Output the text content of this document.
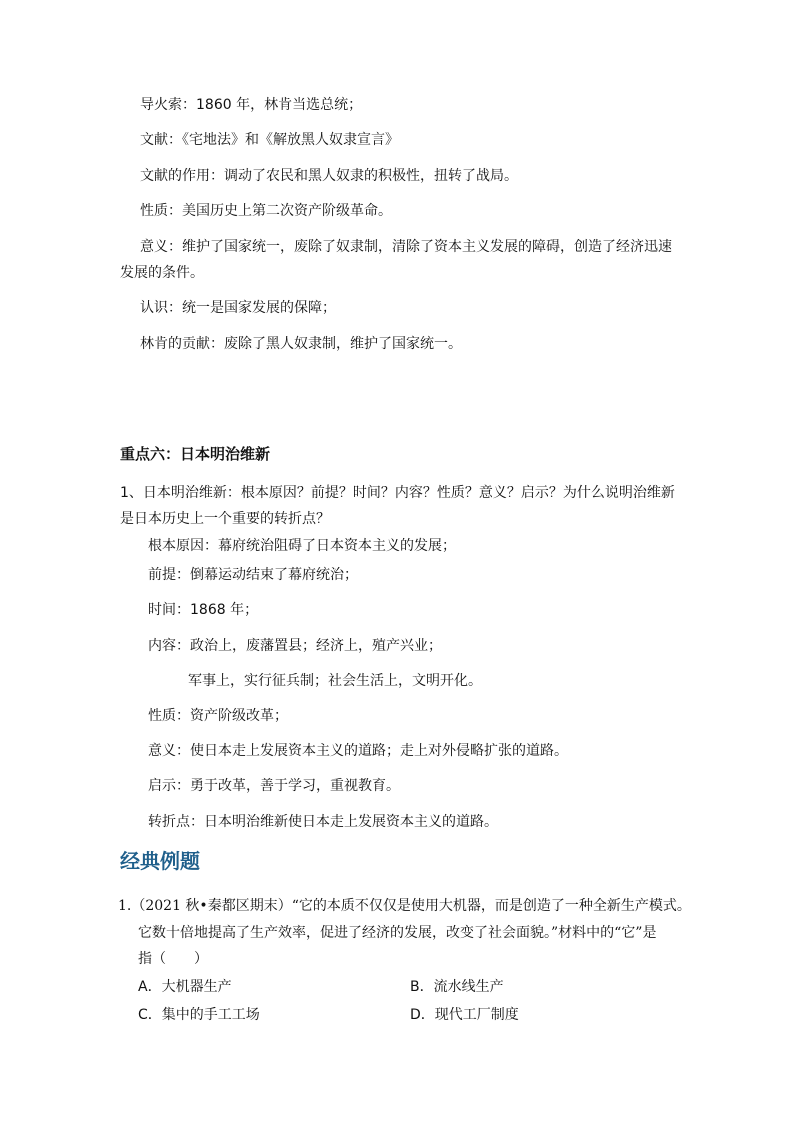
导火索：1860 年，林肯当选总统；
文献：《宅地法》和《解放黑人奴隶宣言》
文献的作用：调动了农民和黑人奴隶的积极性，扭转了战局。
性质：美国历史上第二次资产阶级革命。
意义：维护了国家统一，废除了奴隶制，清除了资本主义发展的障碍，创造了经济迅速
发展的条件。
认识：统一是国家发展的保障；
林肯的贡献：废除了黑人奴隶制，维护了国家统一。
重点六：日本明治维新
1、日本明治维新：根本原因？前提？时间？内容？性质？意义？启示？为什么说明治维新
是日本历史上一个重要的转折点？
根本原因：幕府统治阻碍了日本资本主义的发展；
前提：倒幕运动结束了幕府统治；
时间：1868 年；
内容：政治上，废藩置县；经济上，殖产兴业；
军事上，实行征兵制；社会生活上，文明开化。
性质：资产阶级改革；
意义：使日本走上发展资本主义的道路；走上对外侵略扩张的道路。
启示：勇于改革，善于学习，重视教育。
转折点：日本明治维新使日本走上发展资本主义的道路。
经典例题
1.（2021 秋•秦都区期末）“它的本质不仅仅是使用大机器，而是创造了一种全新生产模式。
它数十倍地提高了生产效率，促进了经济的发展，改变了社会面貌。”材料中的“它”是
指（　　）
A．大机器生产	B．流水线生产
C．集中的手工工场	D．现代工厂制度
